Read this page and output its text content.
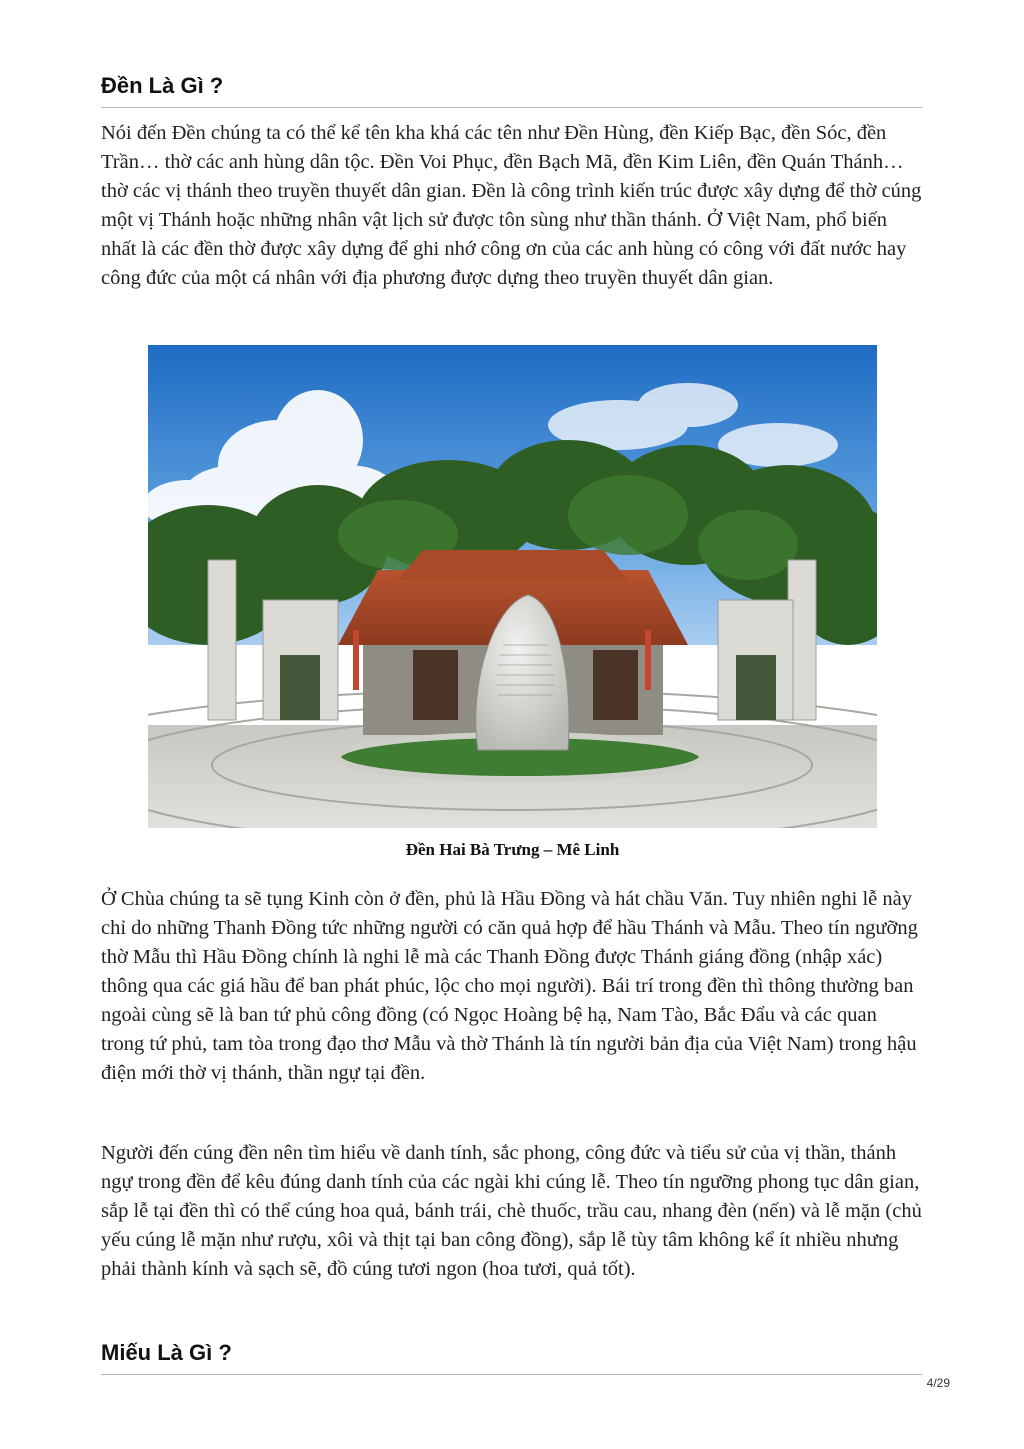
Đền Là Gì ?

Nói đến Đền chúng ta có thể kể tên kha khá các tên như Đền Hùng, đền Kiếp Bạc, đền Sóc, đền Trần… thờ các anh hùng dân tộc. Đền Voi Phục, đền Bạch Mã, đền Kim Liên, đền Quán Thánh…thờ các vị thánh theo truyền thuyết dân gian. Đền là công trình kiến trúc được xây dựng để thờ cúng một vị Thánh hoặc những nhân vật lịch sử được tôn sùng như thần thánh. Ở Việt Nam, phổ biến nhất là các đền thờ được xây dựng để ghi nhớ công ơn của các anh hùng có công với đất nước hay công đức của một cá nhân với địa phương được dựng theo truyền thuyết dân gian.

Đền Hai Bà Trưng – Mê Linh

Ở Chùa chúng ta sẽ tụng Kinh còn ở đền, phủ là Hầu Đồng và hát chầu Văn. Tuy nhiên nghi lễ này chỉ do những Thanh Đồng tức những người có căn quả hợp để hầu Thánh và Mẫu. Theo tín ngưỡng thờ Mẫu thì Hầu Đồng chính là nghi lễ mà các Thanh Đồng được Thánh giáng đồng (nhập xác) thông qua các giá hầu để ban phát phúc, lộc cho mọi người). Bái trí trong đền thì thông thường ban ngoài cùng sẽ là ban tứ phủ công đồng (có Ngọc Hoàng bệ hạ, Nam Tào, Bắc Đẩu và các quan trong tứ phủ, tam tòa trong đạo thơ Mẫu và thờ Thánh là tín người bản địa của Việt Nam) trong hậu điện mới thờ vị thánh, thần ngự tại đền.

Người đến cúng đền nên tìm hiểu về danh tính, sắc phong, công đức và tiểu sử của vị thần, thánh ngự trong đền để kêu đúng danh tính của các ngài khi cúng lễ. Theo tín ngưỡng phong tục dân gian, sắp lễ tại đền thì có thể cúng hoa quả, bánh trái, chè thuốc, trầu cau, nhang đèn (nến) và lễ mặn (chủ yếu cúng lễ mặn như rượu, xôi và thịt tại ban công đồng), sắp lễ tùy tâm không kể ít nhiều nhưng phải thành kính và sạch sẽ, đồ cúng tươi ngon (hoa tươi, quả tốt).

Miếu Là Gì ?
4/29
